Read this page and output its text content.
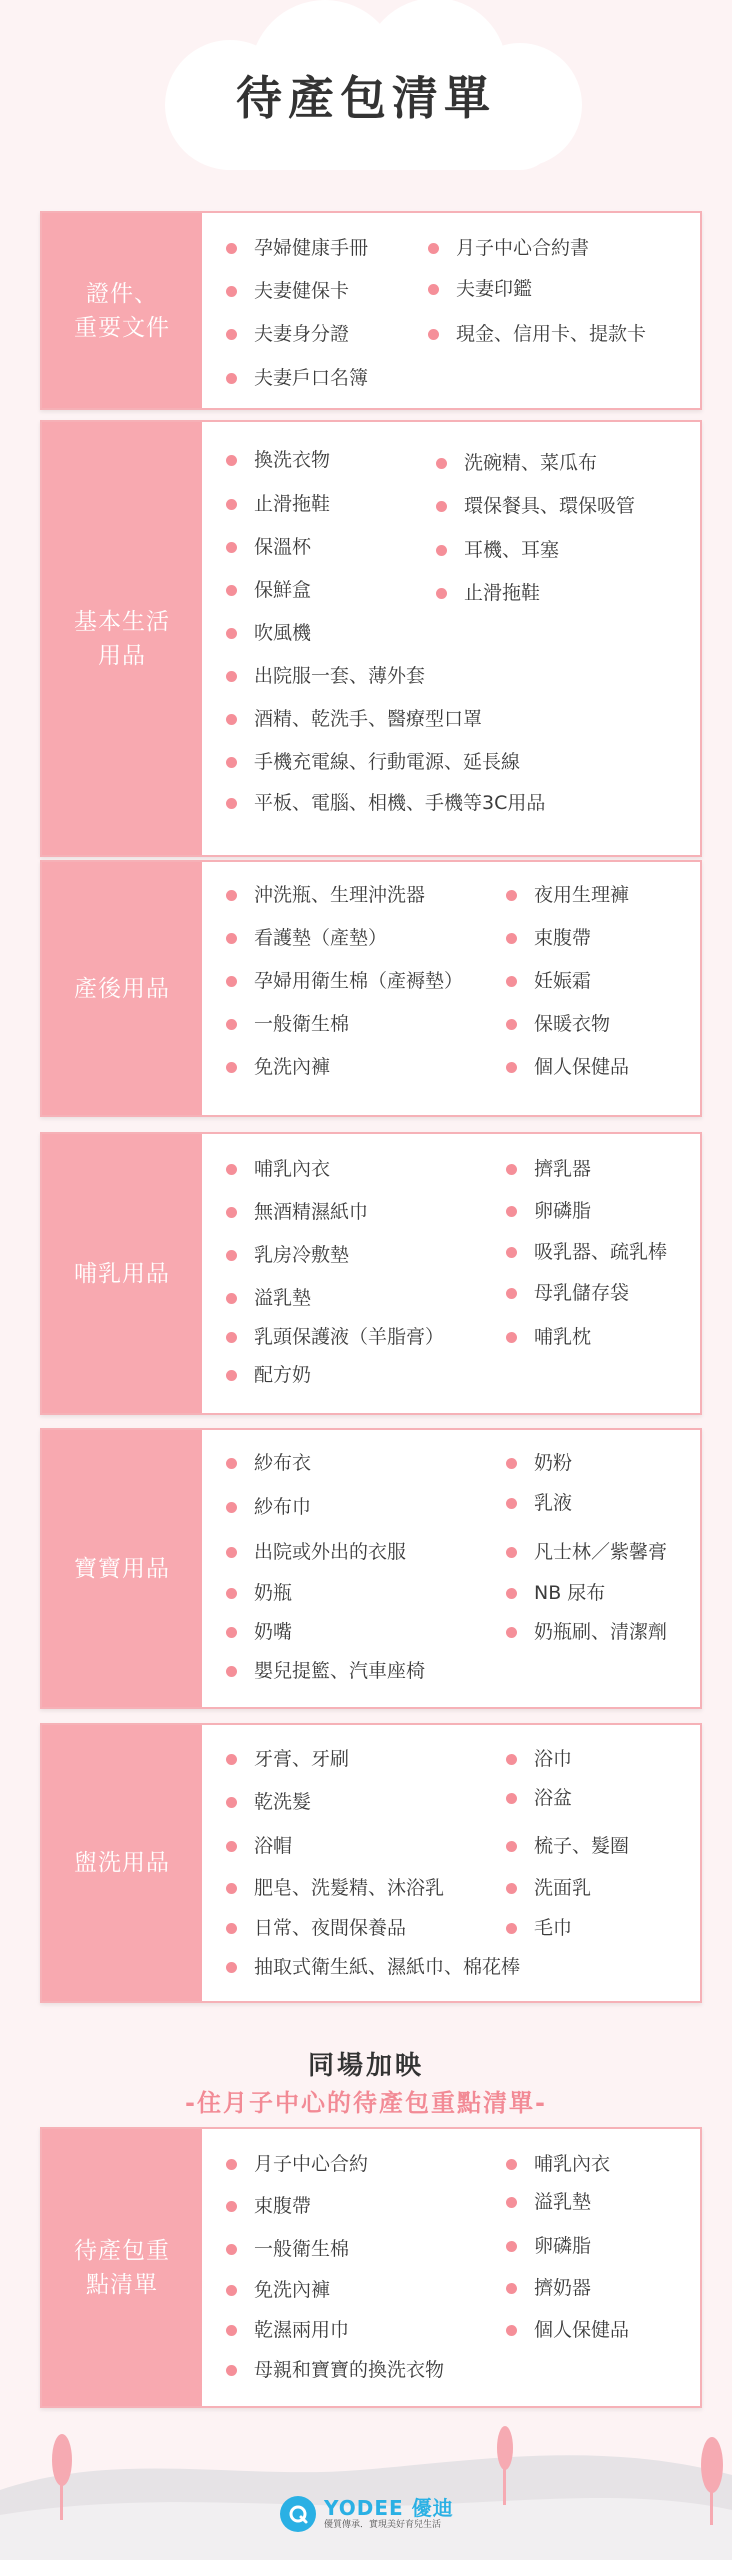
待產包清單
證件、
重要文件
孕婦健康手冊	月子中心合約書
夫妻健保卡	夫妻印鑑
夫妻身分證	現金、信用卡、提款卡
夫妻戶口名簿
基本生活
用品
換洗衣物	洗碗精、菜瓜布
止滑拖鞋	環保餐具、環保吸管
保溫杯	耳機、耳塞
保鮮盒	止滑拖鞋
吹風機
出院服一套、薄外套
酒精、乾洗手、醫療型口罩
手機充電線、行動電源、延長線
平板、電腦、相機、手機等3C用品
產後用品
沖洗瓶、生理沖洗器	夜用生理褲
看護墊（產墊）	束腹帶
孕婦用衛生棉（產褥墊）	妊娠霜
一般衛生棉	保暖衣物
免洗內褲	個人保健品
哺乳用品
哺乳內衣	擠乳器
無酒精濕紙巾	卵磷脂
乳房冷敷墊	吸乳器、疏乳棒
溢乳墊	母乳儲存袋
乳頭保護液（羊脂膏）	哺乳枕
配方奶
寶寶用品
紗布衣	奶粉
紗布巾	乳液
出院或外出的衣服	凡士林／紫馨膏
奶瓶	NB 尿布
奶嘴	奶瓶刷、清潔劑
嬰兒提籃、汽車座椅
盥洗用品
牙膏、牙刷	浴巾
乾洗髮	浴盆
浴帽	梳子、髮圈
肥皂、洗髮精、沐浴乳	洗面乳
日常、夜間保養品	毛巾
抽取式衛生紙、濕紙巾、棉花棒
同場加映
-住月子中心的待產包重點清單-
待產包重
點清單
月子中心合約	哺乳內衣
束腹帶	溢乳墊
一般衛生棉	卵磷脂
免洗內褲	擠奶器
乾濕兩用巾	個人保健品
母親和寶寶的換洗衣物
YODEE 優迪
優質傳承．實現美好育兒生活
